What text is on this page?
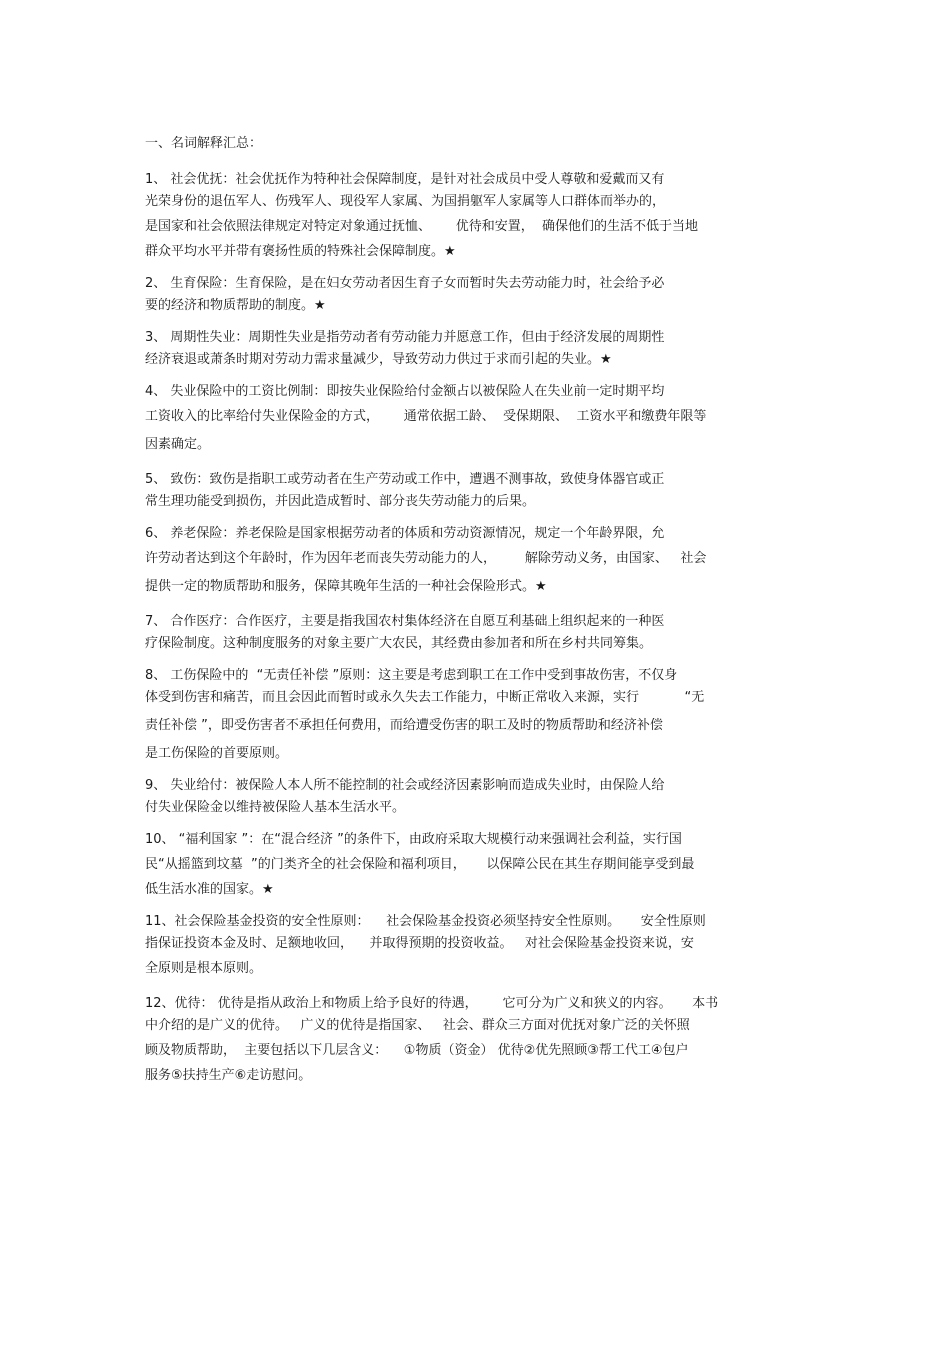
一、名词解释汇总：
1、 社会优抚：社会优抚作为特种社会保障制度，是针对社会成员中受人尊敬和爱戴而又有
光荣身份的退伍军人、伤残军人、现役军人家属、为国捐躯军人家属等人口群体而举办的，
是国家和社会依照法律规定对特定对象通过抚恤、      优待和安置，  确保他们的生活不低于当地
群众平均水平并带有褒扬性质的特殊社会保障制度。★
2、 生育保险：生育保险，是在妇女劳动者因生育子女而暂时失去劳动能力时，社会给予必
要的经济和物质帮助的制度。★
3、 周期性失业：周期性失业是指劳动者有劳动能力并愿意工作，但由于经济发展的周期性
经济衰退或萧条时期对劳动力需求量减少，导致劳动力供过于求而引起的失业。★
4、 失业保险中的工资比例制：即按失业保险给付金额占以被保险人在失业前一定时期平均
工资收入的比率给付失业保险金的方式，      通常依据工龄、  受保期限、  工资水平和缴费年限等
因素确定。
5、 致伤：致伤是指职工或劳动者在生产劳动或工作中，遭遇不测事故，致使身体器官或正
常生理功能受到损伤，并因此造成暂时、部分丧失劳动能力的后果。
6、 养老保险：养老保险是国家根据劳动者的体质和劳动资源情况，规定一个年龄界限，允
许劳动者达到这个年龄时，作为因年老而丧失劳动能力的人，       解除劳动义务，由国家、   社会
提供一定的物质帮助和服务，保障其晚年生活的一种社会保险形式。★
7、 合作医疗：合作医疗，主要是指我国农村集体经济在自愿互利基础上组织起来的一种医
疗保险制度。这种制度服务的对象主要广大农民，其经费由参加者和所在乡村共同筹集。
8、 工伤保险中的  “无责任补偿 ”原则：这主要是考虑到职工在工作中受到事故伤害，不仅身
体受到伤害和痛苦，而且会因此而暂时或永久失去工作能力，中断正常收入来源，实行           “无
责任补偿 ”，即受伤害者不承担任何费用，而给遭受伤害的职工及时的物质帮助和经济补偿
是工伤保险的首要原则。
9、 失业给付：被保险人本人所不能控制的社会或经济因素影响而造成失业时，由保险人给
付失业保险金以维持被保险人基本生活水平。
10、 “福利国家 ”：在“混合经济 ”的条件下，由政府采取大规模行动来强调社会利益，实行国
民“从摇篮到坟墓  ”的门类齐全的社会保险和福利项目，     以保障公民在其生存期间能享受到最
低生活水准的国家。★
11、社会保险基金投资的安全性原则：    社会保险基金投资必须坚持安全性原则。     安全性原则
指保证投资本金及时、足额地收回，    并取得预期的投资收益。   对社会保险基金投资来说，安
全原则是根本原则。
12、优待： 优待是指从政治上和物质上给予良好的待遇，      它可分为广义和狭义的内容。     本书
中介绍的是广义的优待。   广义的优待是指国家、   社会、群众三方面对优抚对象广泛的关怀照
顾及物质帮助，  主要包括以下几层含义：    ①物质（资金） 优待②优先照顾③帮工代工④包户
服务⑤扶持生产⑥走访慰问。
